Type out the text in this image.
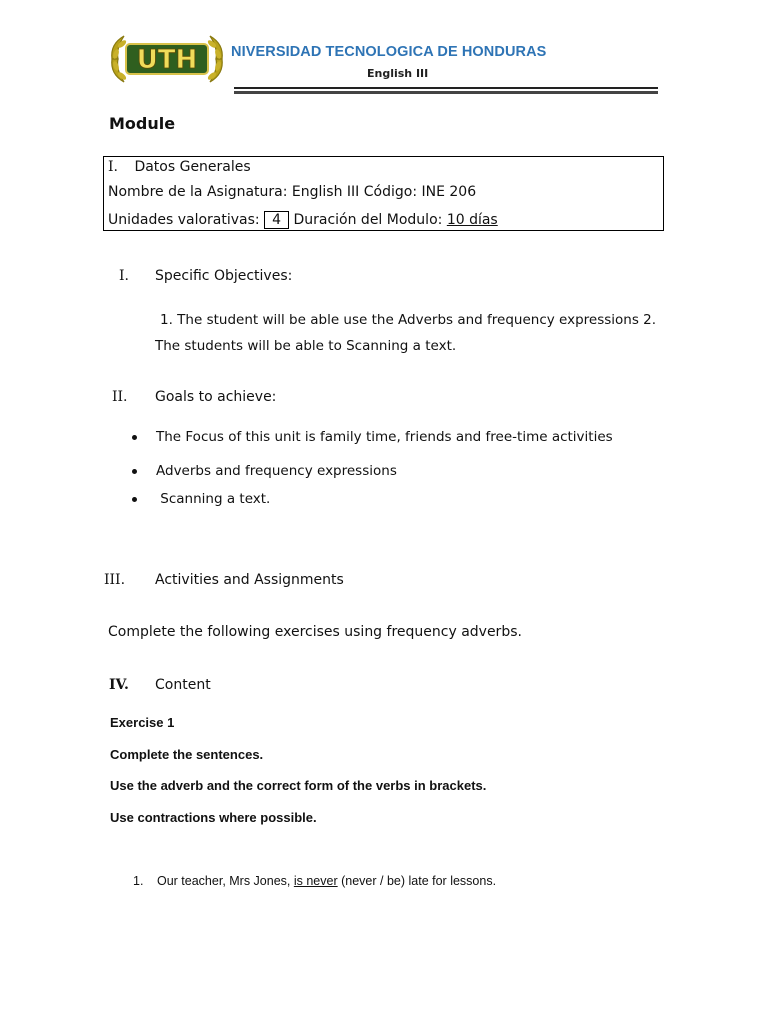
UTH NIVERSIDAD TECNOLOGICA DE HONDURAS
English III
Module
I. Datos Generales
Nombre de la Asignatura: English III Código: INE 206
Unidades valorativas: 4 Duración del Modulo: 10 días
I. Specific Objectives:
1. The student will be able use the Adverbs and frequency expressions 2.
The students will be able to Scanning a text.
II. Goals to achieve:
The Focus of this unit is family time, friends and free-time activities
Adverbs and frequency expressions
Scanning a text.
III. Activities and Assignments
Complete the following exercises using frequency adverbs.
IV. Content
Exercise 1
Complete the sentences.
Use the adverb and the correct form of the verbs in brackets.
Use contractions where possible.
1. Our teacher, Mrs Jones, is never (never / be) late for lessons.
